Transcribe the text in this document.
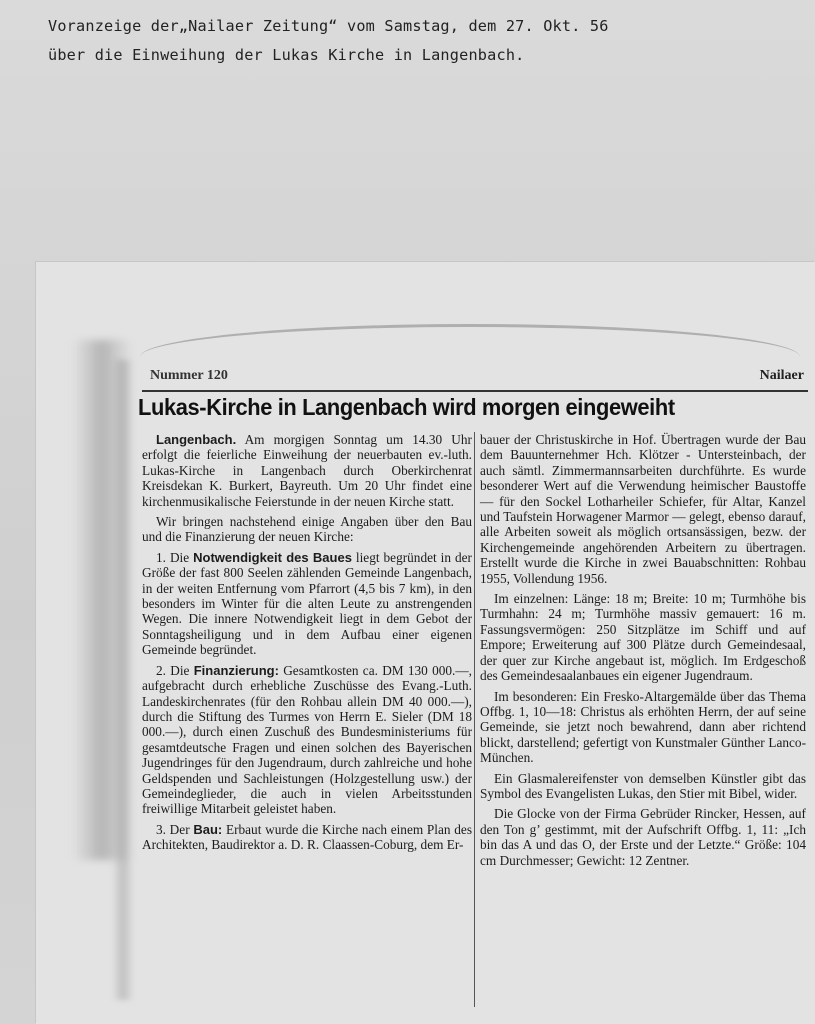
Voranzeige der„Nailaer Zeitung“ vom Samstag, dem 27. Okt. 56
über die Einweihung der Lukas Kirche in Langenbach.
Nummer 120	Nailaer
Lukas-Kirche in Langenbach wird morgen eingeweiht

Langenbach. Am morgigen Sonntag um 14.30 Uhr erfolgt die feierliche Einweihung der neuerbauten ev.-luth. Lukas-Kirche in Langenbach durch Oberkirchenrat Kreisdekan K. Burkert, Bayreuth. Um 20 Uhr findet eine kirchenmusikalische Feierstunde in der neuen Kirche statt.

Wir bringen nachstehend einige Angaben über den Bau und die Finanzierung der neuen Kirche:

1. Die Notwendigkeit des Baues liegt begründet in der Größe der fast 800 Seelen zählenden Gemeinde Langenbach, in der weiten Entfernung vom Pfarrort (4,5 bis 7 km), in den besonders im Winter für die alten Leute zu anstrengenden Wegen. Die innere Notwendigkeit liegt in dem Gebot der Sonntagsheiligung und in dem Aufbau einer eigenen Gemeinde begründet.

2. Die Finanzierung: Gesamtkosten ca. DM 130 000.—, aufgebracht durch erhebliche Zuschüsse des Evang.-Luth. Landeskirchenrates (für den Rohbau allein DM 40 000.—), durch die Stiftung des Turmes von Herrn E. Sieler (DM 18 000.—), durch einen Zuschuß des Bundesministeriums für gesamtdeutsche Fragen und einen solchen des Bayerischen Jugendringes für den Jugendraum, durch zahlreiche und hohe Geldspenden und Sachleistungen (Holzgestellung usw.) der Gemeindeglieder, die auch in vielen Arbeitsstunden freiwillige Mitarbeit geleistet haben.

3. Der Bau: Erbaut wurde die Kirche nach einem Plan des Architekten, Baudirektor a. D. R. Claassen-Coburg, dem Er-

bauer der Christuskirche in Hof. Übertragen wurde der Bau dem Bauunternehmer Hch. Klötzer - Untersteinbach, der auch sämtl. Zimmermannsarbeiten durchführte. Es wurde besonderer Wert auf die Verwendung heimischer Baustoffe — für den Sockel Lotharheiler Schiefer, für Altar, Kanzel und Taufstein Horwagener Marmor — gelegt, ebenso darauf, alle Arbeiten soweit als möglich ortsansässigen, bezw. der Kirchengemeinde angehörenden Arbeitern zu übertragen. Erstellt wurde die Kirche in zwei Bauabschnitten: Rohbau 1955, Vollendung 1956.

Im einzelnen: Länge: 18 m; Breite: 10 m; Turmhöhe bis Turmhahn: 24 m; Turmhöhe massiv gemauert: 16 m. Fassungsvermögen: 250 Sitzplätze im Schiff und auf Empore; Erweiterung auf 300 Plätze durch Gemeindesaal, der quer zur Kirche angebaut ist, möglich. Im Erdgeschoß des Gemeindesaalanbaues ein eigener Jugendraum.

Im besonderen: Ein Fresko-Altargemälde über das Thema Offbg. 1, 10—18: Christus als erhöhten Herrn, der auf seine Gemeinde, sie jetzt noch bewahrend, dann aber richtend blickt, darstellend; gefertigt von Kunstmaler Günther Lanco-München.

Ein Glasmalereifenster von demselben Künstler gibt das Symbol des Evangelisten Lukas, den Stier mit Bibel, wider.

Die Glocke von der Firma Gebrüder Rincker, Hessen, auf den Ton g’ gestimmt, mit der Aufschrift Offbg. 1, 11: „Ich bin das A und das O, der Erste und der Letzte.“ Größe: 104 cm Durchmesser; Gewicht: 12 Zentner.
